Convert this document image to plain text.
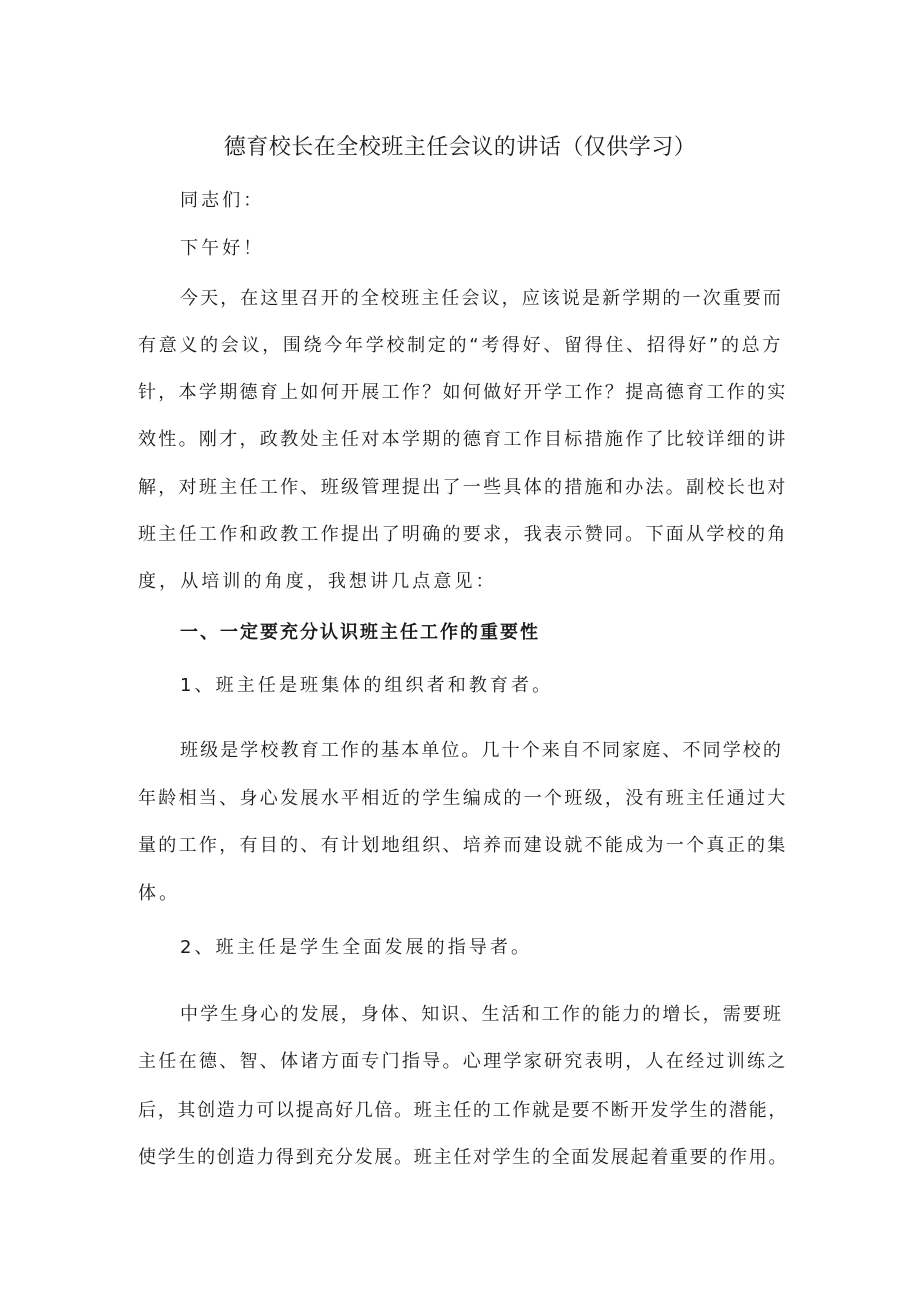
德育校长在全校班主任会议的讲话（仅供学习）
同志们：
下午好！
今天，在这里召开的全校班主任会议，应该说是新学期的一次重要而
有意义的会议，围绕今年学校制定的“考得好、留得住、招得好”的总方
针，本学期德育上如何开展工作？如何做好开学工作？提高德育工作的实
效性。刚才，政教处主任对本学期的德育工作目标措施作了比较详细的讲
解，对班主任工作、班级管理提出了一些具体的措施和办法。副校长也对
班主任工作和政教工作提出了明确的要求，我表示赞同。下面从学校的角
度，从培训的角度，我想讲几点意见：
一、一定要充分认识班主任工作的重要性
1、班主任是班集体的组织者和教育者。
班级是学校教育工作的基本单位。几十个来自不同家庭、不同学校的
年龄相当、身心发展水平相近的学生编成的一个班级，没有班主任通过大
量的工作，有目的、有计划地组织、培养而建设就不能成为一个真正的集
体。
2、班主任是学生全面发展的指导者。
中学生身心的发展，身体、知识、生活和工作的能力的增长，需要班
主任在德、智、体诸方面专门指导。心理学家研究表明，人在经过训练之
后，其创造力可以提高好几倍。班主任的工作就是要不断开发学生的潜能，
使学生的创造力得到充分发展。班主任对学生的全面发展起着重要的作用。
